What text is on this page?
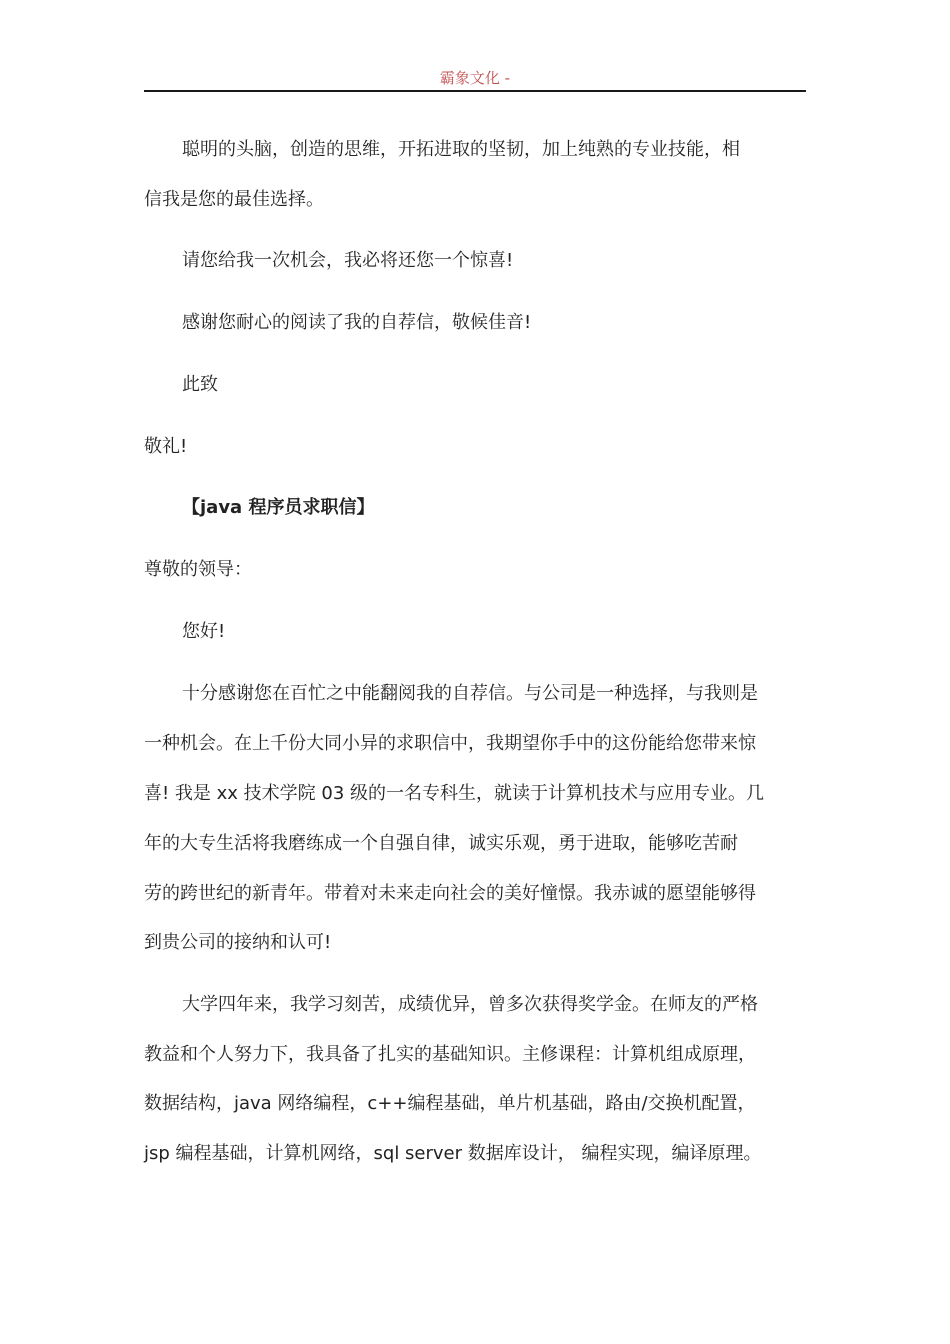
霸象文化 -
聪明的头脑，创造的思维，开拓进取的坚韧，加上纯熟的专业技能，相
信我是您的最佳选择。
请您给我一次机会，我必将还您一个惊喜!
感谢您耐心的阅读了我的自荐信，敬候佳音!
此致
敬礼!
【java 程序员求职信】
尊敬的领导：
您好!
十分感谢您在百忙之中能翻阅我的自荐信。与公司是一种选择，与我则是
一种机会。在上千份大同小异的求职信中，我期望你手中的这份能给您带来惊
喜! 我是 xx 技术学院 03 级的一名专科生，就读于计算机技术与应用专业。几
年的大专生活将我磨练成一个自强自律，诚实乐观，勇于进取，能够吃苦耐
劳的跨世纪的新青年。带着对未来走向社会的美好憧憬。我赤诚的愿望能够得
到贵公司的接纳和认可!
大学四年来，我学习刻苦，成绩优异，曾多次获得奖学金。在师友的严格
教益和个人努力下，我具备了扎实的基础知识。主修课程：计算机组成原理，
数据结构，java 网络编程，c++编程基础，单片机基础，路由/交换机配置，
jsp 编程基础，计算机网络，sql server 数据库设计， 编程实现，编译原理。
